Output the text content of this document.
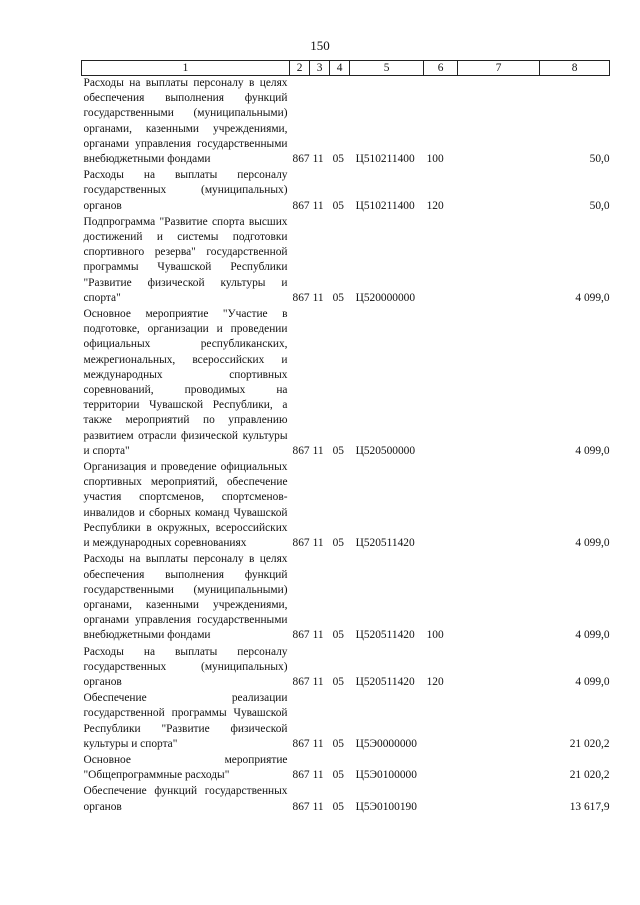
150
1	2	3	4	5	6	7	8
Расходы на выплаты персоналу в целях обеспечения выполнения функций государственными (муниципальными) органами, казенными учреждениями, органами управления государственными внебюджетными фондами	867	11	05	Ц510211400	100		50,0
Расходы на выплаты персоналу государственных (муниципальных) органов	867	11	05	Ц510211400	120		50,0
Подпрограмма "Развитие спорта высших достижений и системы подготовки спортивного резерва" государственной программы Чувашской Республики "Развитие физической культуры и спорта"	867	11	05	Ц520000000			4 099,0
Основное мероприятие "Участие в подготовке, организации и проведении официальных республиканских, межрегиональных, всероссийских и международных спортивных соревнований, проводимых на территории Чувашской Республики, а также мероприятий по управлению развитием отрасли физической культуры и спорта"	867	11	05	Ц520500000			4 099,0
Организация и проведение официальных спортивных мероприятий, обеспечение участия спортсменов, спортсменов-инвалидов и сборных команд Чувашской Республики в окружных, всероссийских и международных соревнованиях	867	11	05	Ц520511420			4 099,0
Расходы на выплаты персоналу в целях обеспечения выполнения функций государственными (муниципальными) органами, казенными учреждениями, органами управления государственными внебюджетными фондами	867	11	05	Ц520511420	100		4 099,0
Расходы на выплаты персоналу государственных (муниципальных) органов	867	11	05	Ц520511420	120		4 099,0
Обеспечение реализации государственной программы Чувашской Республики "Развитие физической культуры и спорта"	867	11	05	Ц5Э0000000			21 020,2
Основное мероприятие "Общепрограммные расходы"	867	11	05	Ц5Э0100000			21 020,2
Обеспечение функций государственных органов	867	11	05	Ц5Э0100190			13 617,9
